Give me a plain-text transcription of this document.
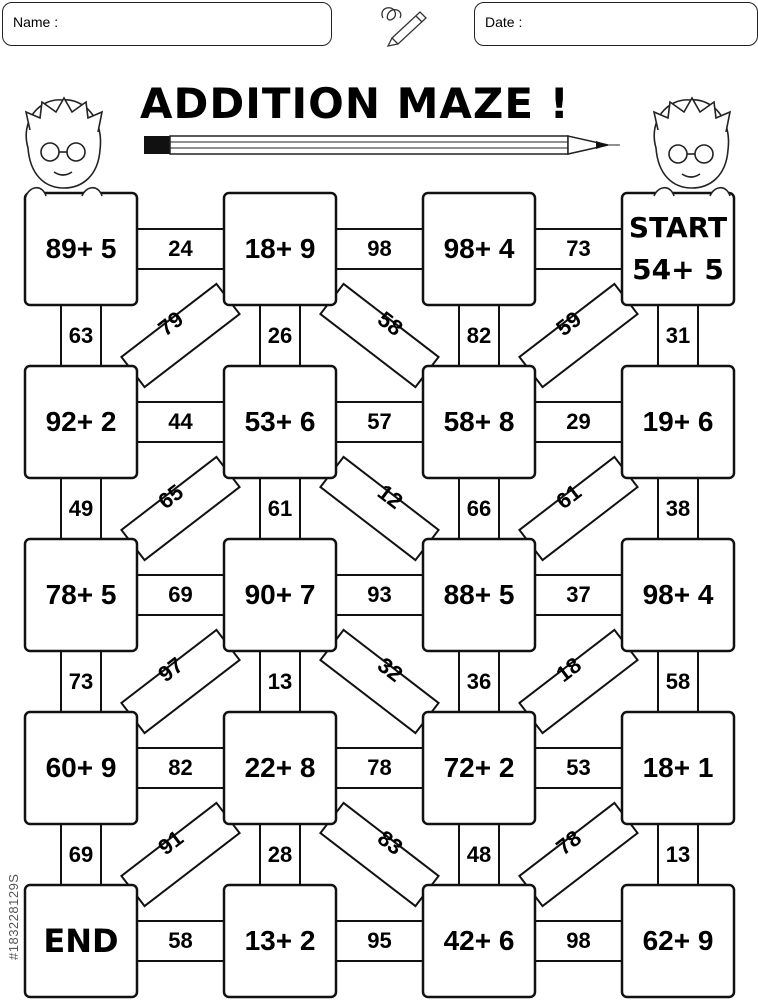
Name :	Date :
ADDITION MAZE !
24	98	73
44	57	29
69	93	37
82	78	53
58	95	98
63	26	82	31
49	61	66	38
73	13	36	58
69	28	48	13
79	58	59
65	12	61
97	32	18
91	83	78
89+ 5	18+ 9	98+ 4
START
54+ 5
92+ 2	53+ 6	58+ 8	19+ 6
78+ 5	90+ 7	88+ 5	98+ 4
60+ 9	22+ 8	72+ 2	18+ 1
END	13+ 2	42+ 6	62+ 9
#183228129S
